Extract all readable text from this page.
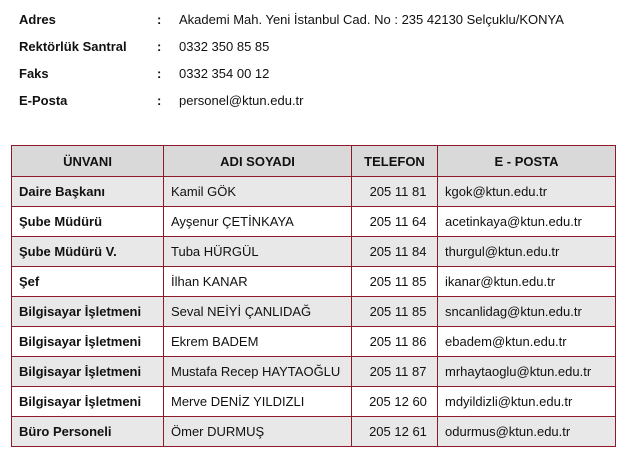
Adres	: Akademi Mah. Yeni İstanbul Cad. No : 235 42130 Selçuklu/KONYA
Rektörlük Santral : 0332 350 85 85
Faks	: 0332 354 00 12
E-Posta	: personel@ktun.edu.tr
ÜNVANI	ADI SOYADI	TELEFON	E - POSTA
Daire Başkanı	Kamil GÖK	205 11 81	kgok@ktun.edu.tr
Şube Müdürü	Ayşenur ÇETİNKAYA	205 11 64	acetinkaya@ktun.edu.tr
Şube Müdürü V.	Tuba HÜRGÜL	205 11 84	thurgul@ktun.edu.tr
Şef	İlhan KANAR	205 11 85	ikanar@ktun.edu.tr
Bilgisayar İşletmeni	Seval NEİYİ ÇANLIDAĞ	205 11 85	sncanlidag@ktun.edu.tr
Bilgisayar İşletmeni	Ekrem BADEM	205 11 86	ebadem@ktun.edu.tr
Bilgisayar İşletmeni	Mustafa Recep HAYTAOĞLU	205 11 87	mrhaytaoglu@ktun.edu.tr
Bilgisayar İşletmeni	Merve DENİZ YILDIZLI	205 12 60	mdyildizli@ktun.edu.tr
Büro Personeli	Ömer DURMUŞ	205 12 61	odurmus@ktun.edu.tr
